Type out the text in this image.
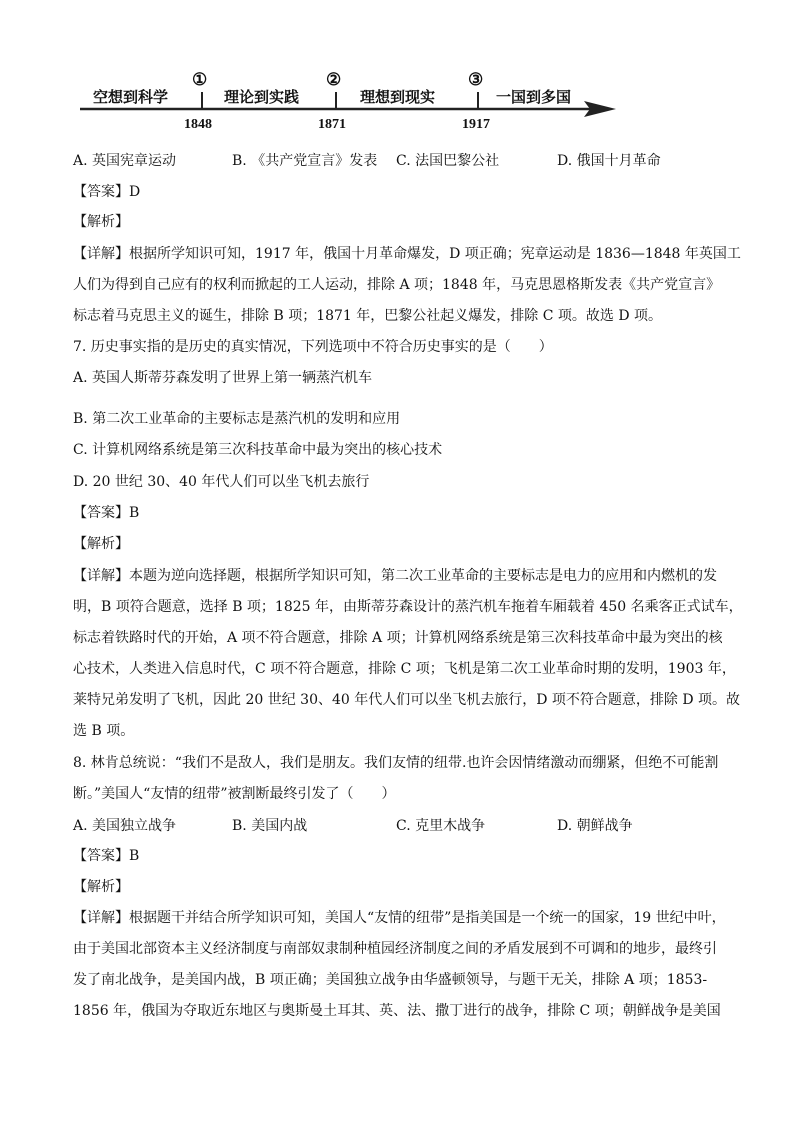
空想到科学	理论到实践	理想到现实	一国到多国
①	②	③
1848	1871	1917
A. 英国宪章运动	B. 《共产党宣言》发表 C. 法国巴黎公社	D. 俄国十月革命
【答案】D
【解析】
【详解】根据所学知识可知，1917 年，俄国十月革命爆发，D 项正确；宪章运动是 1836—1848 年英国工
人们为得到自己应有的权利而掀起的工人运动，排除 A 项；1848 年，马克思恩格斯发表《共产党宣言》
标志着马克思主义的诞生，排除 B 项；1871 年，巴黎公社起义爆发，排除 C 项。故选 D 项。
7. 历史事实指的是历史的真实情况，下列选项中不符合历史事实的是（　　）
A. 英国人斯蒂芬森发明了世界上第一辆蒸汽机车
B. 第二次工业革命的主要标志是蒸汽机的发明和应用
C. 计算机网络系统是第三次科技革命中最为突出的核心技术
D. 20 世纪 30、40 年代人们可以坐飞机去旅行
【答案】B
【解析】
【详解】本题为逆向选择题，根据所学知识可知，第二次工业革命的主要标志是电力的应用和内燃机的发
明，B 项符合题意，选择 B 项；1825 年，由斯蒂芬森设计的蒸汽机车拖着车厢载着 450 名乘客正式试车，
标志着铁路时代的开始，A 项不符合题意，排除 A 项；计算机网络系统是第三次科技革命中最为突出的核
心技术，人类进入信息时代，C 项不符合题意，排除 C 项；飞机是第二次工业革命时期的发明，1903 年，
莱特兄弟发明了飞机，因此 20 世纪 30、40 年代人们可以坐飞机去旅行，D 项不符合题意，排除 D 项。故
选 B 项。
8. 林肯总统说：“我们不是敌人，我们是朋友。我们友情的纽带.也许会因情绪激动而绷紧，但绝不可能割
断。”美国人“友情的纽带”被割断最终引发了（　　）
A. 美国独立战争	B. 美国内战	C. 克里木战争	D. 朝鲜战争
【答案】B
【解析】
【详解】根据题干并结合所学知识可知，美国人“友情的纽带”是指美国是一个统一的国家，19 世纪中叶，
由于美国北部资本主义经济制度与南部奴隶制种植园经济制度之间的矛盾发展到不可调和的地步，最终引
发了南北战争，是美国内战，B 项正确；美国独立战争由华盛顿领导，与题干无关，排除 A 项；1853-
1856 年，俄国为夺取近东地区与奥斯曼土耳其、英、法、撒丁进行的战争，排除 C 项；朝鲜战争是美国
